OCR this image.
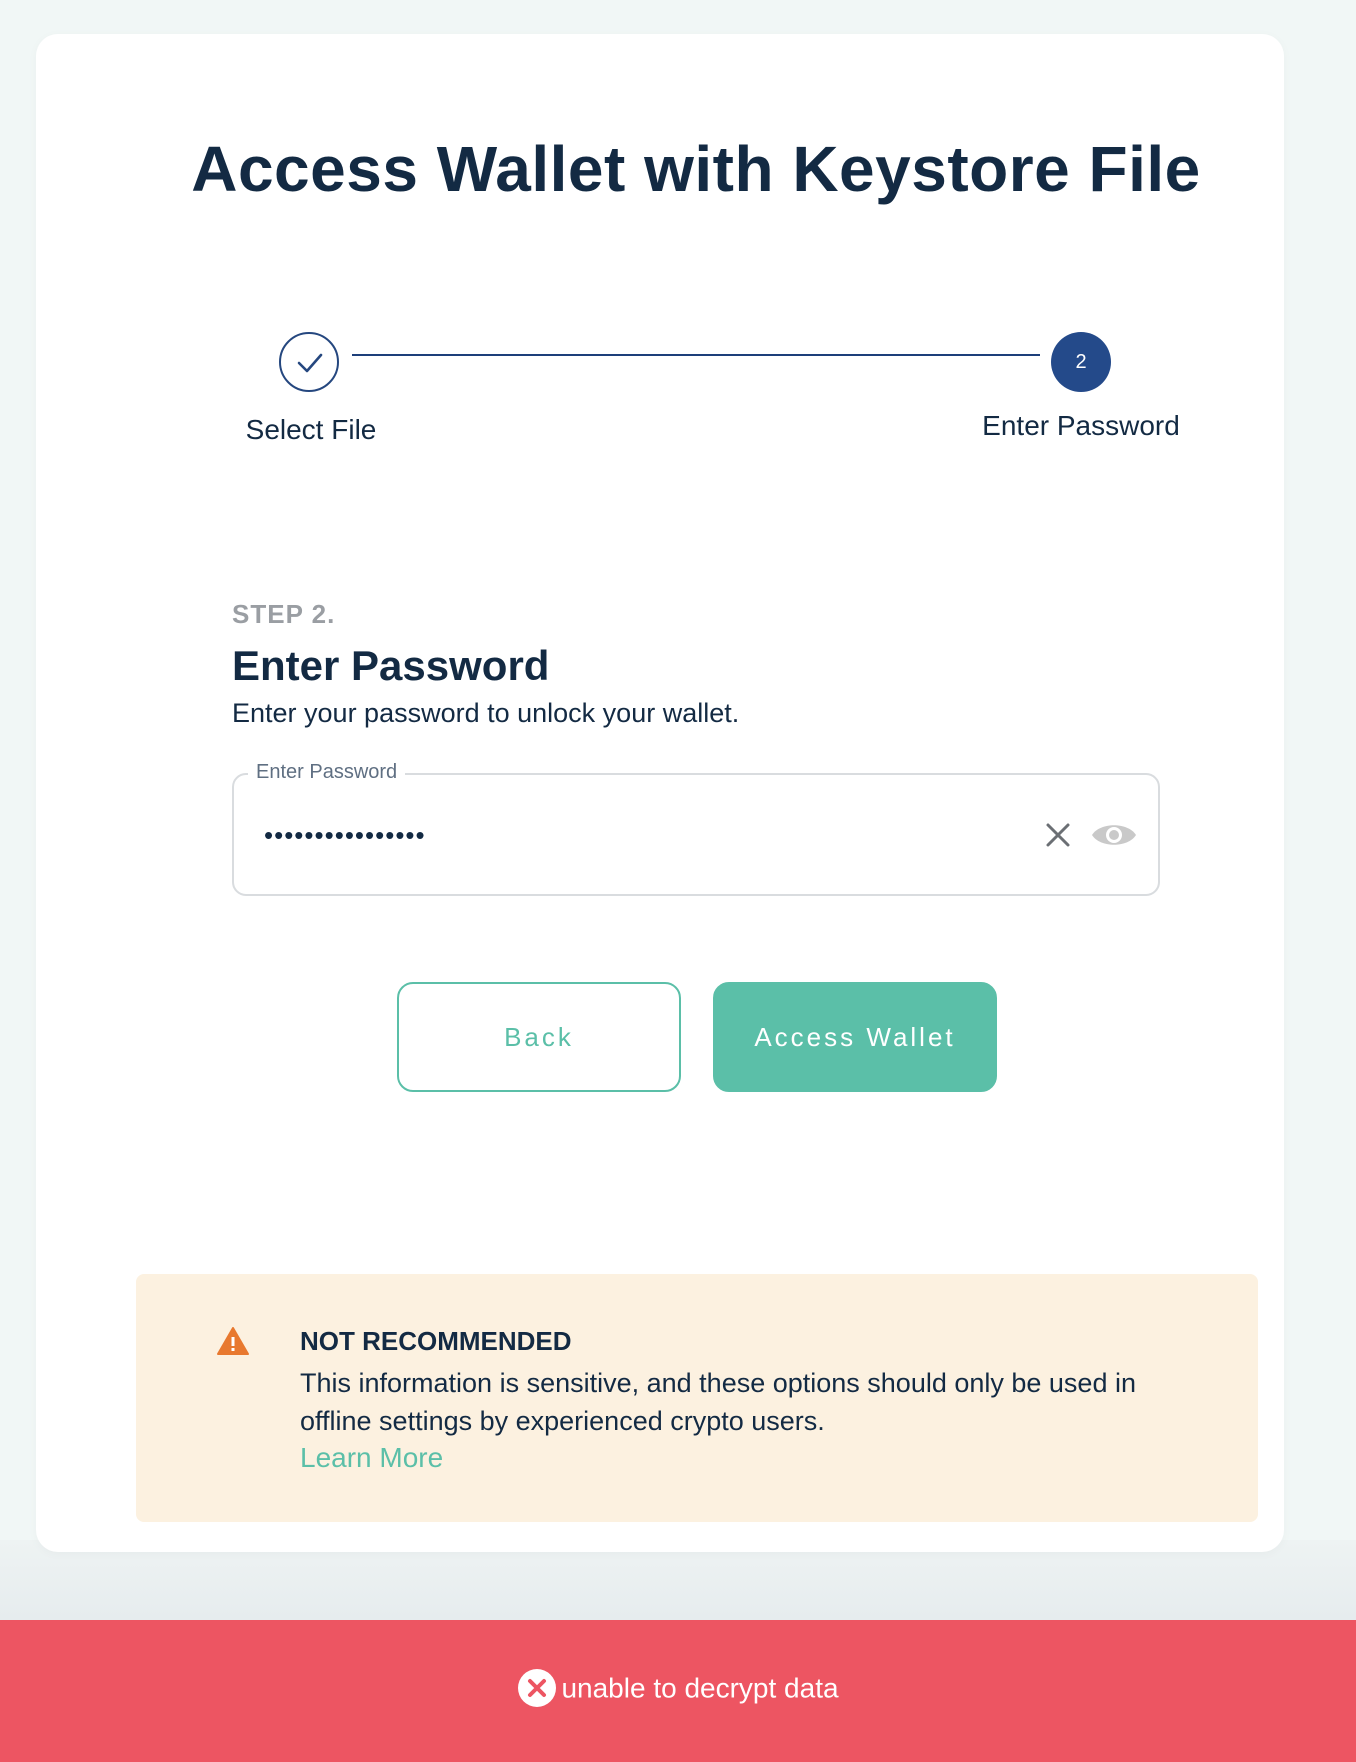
Access Wallet with Keystore File
Select File
2
Enter Password
STEP 2.
Enter Password
Enter your password to unlock your wallet.
Enter Password
••••••••••••••••
Back	Access Wallet
NOT RECOMMENDED
This information is sensitive, and these options should only be used in offline settings by experienced crypto users.
Learn More
unable to decrypt data
